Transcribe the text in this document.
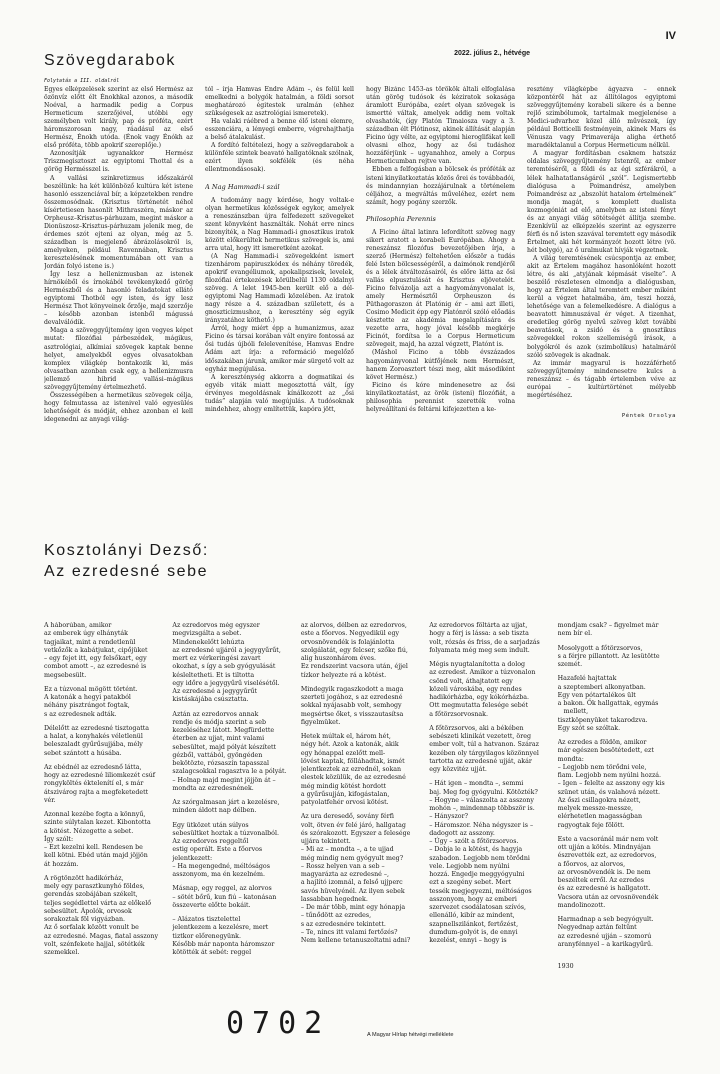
IV
2022. július 2., hétvége
Szövegdarabok
Folytatás a III. oldalról

Egyes elképzelések szerint az első Hermész az özönvíz előtt élt Énokhkal azonos, a második Noéval, a harmadik pedig a Corpus Hermeticum szerzőjével, utóbbi egy személyben volt király, pap és próféta, ezért háromszorosan nagy, ráadásul az első Hermész, Énokh utóda. (Énok vagy Énókh az első próféta, több apokrif szereplője.)

Azonosítják ugyanakkor Hermész Triszmegisztoszt az egyiptomi Thottal és a görög Hermésszel is.

A vallási szinkretizmus időszakáról beszélünk: ha két különböző kultúra két istene hasonló esszenciával bír, a képzetekben rendre összemosódnak. (Krisztus történetét néhol kísértetiesen hasonlít Mithraszéra, máskor az Orpheusz–Krisztus-párhuzam, megint máskor a Dionüszosz–Krisztus-párhuzam jelenik meg, de érdemes szót ejteni az olyan, még az 5. században is megjelenő ábrázolásokról is, amelyeken, például Ravennában, Krisztus keresztelésének momentumában ott van a Jordán folyó istene is.)

Így lesz a hellenizmusban az istenek hírnökéből és írnokából tevékenykedő görög Hermészből és a hasonló feladatokat ellátó egyiptomi Thotból egy isten, és így lesz Hermész Thot könyveinek őrzője, majd szerzője – később azonban istenből mágussá devalválódik.

Maga a szöveggyűjtemény igen vegyes képet mutat: filozófiai párbeszédek, mágikus, asztrológiai, alkímiai szövegek kaptak benne helyet, amelyekből egyes olvasatokban komplex világkép bontakozik ki, más olvasatban azonban csak egy, a hellenizmusra jellemző hibrid vallási–mágikus szöveggyűjtemény értelmezhető.

Összességében a hermetikus szövegek célja, hogy felmutassa az istenivel való egyesülés lehetőségét és módját, ehhez azonban el kell idegenedni az anyagi világ-

tól – írja Hamvas Endre Ádám –, és felül kell emelkedni a bolygók hatalmán, a földi sorsot meghatározó égitestek uralmán (ehhez szükségesek az asztrológiai ismeretek).

Ha valaki ráébred a benne élő isteni elemre, esszenciára, a lényegi emberre, végrehajthatja a belső átalakulást.

A fordító feltételezi, hogy a szövegdarabok a különféle szintek beavató hallgatóknak szólnak, ezért ilyen sokfélék (és néha ellentmondásosak).

A Nag Hammadi-i szál

A tudomány nagy kérdése, hogy voltak-e olyan hermetikus közösségek egykor, amelyek a reneszánszban újra felfedezett szövegeket szent könyvként használták. Nohát erre nincs bizonyíték, a Nag Hammadi-i gnosztikus iratok között előkerültek hermetikus szövegek is, ami arra utal, hogy itt ismeretként azokat.

(A Nag Hammadi-i szövegekként ismert tizenhárom papiruszkódex és néhány töredék, apokrif evangéliumok, apokalipszisek, levelek, filozófiai értekezések körülbelül 1130 oldalnyi szöveg. A lelet 1945-ben került elő a dél-egyiptomi Nag Hammadi közelében. Az iratok nagy része a 4. században született, és a gnoszticizmushoz, a keresztény ség egyik irányzatához köthető.)

Árról, hogy miért épp a humanizmus, azaz Ficino és társai korában vált enyire fontossá az ősi tudás újbóli felelevenítése, Hamvas Endre Ádám azt írja: a reformáció megelőző időszakában járunk, amikor már sürgető volt az egyház megújulása.

A kereszténység akkorra a dogmatikai és egyéb viták miatt megosztottá vált, így érvényes megoldásnak kínálkozott az „ősi tudás” alapján való megújulás. A tudósoknak mindehhez, ahogy említettük, kapóra jött,

hogy Bizánc 1453-as törökök általi elfoglalása után görög tudósok és kéziratok sokasága áramlott Európába, ezért olyan szövegek is ismertté váltak, amelyek addig nem voltak olvashatók, (így Platón Timaiosza vagy a 3. században élt Plótinosz, akinek állítását alapján Ficino úgy vélte, az egyiptomi hieroglifákat kell olvasni elhoz, hogy az ősi tudáshoz hozzáférjünk – ugyanahhoz, amely a Corpus Hermeticumban rejtve van.

Ebben a felfogásban a bölcsek és próféták az isteni kinyilatkoztatás közös őrei és továbbadói, és mindannyian hozzájárulnak a történelem céljához, a megváltás műveléhez, ezért nem számít, hogy pogány szerzők.

Philosophia Perennis

A Ficino által latinra lefordított szöveg nagy sikert aratott a korabeli Európában. Ahogy a reneszánsz filozófus bevezetőjében írja, a szerző (Hermész) feltehetően először a tudás felé Isten bölcsességéről, a daimónok rendjéről és a lélek átváltozásairól, és előre látta az ősi vallás elpusztulását és Krisztus eljövetelét. Ficino felvázolja azt a hagyományvonalat is, amely Hermésztől Orpheuszon és Püthagoraszon át Platónig ér – ami azt illeti, Cosimo Medicit épp egy Platónról szóló előadás késztette az akadémia megalapítására és vezette arra, hogy jóval később megkérje Ficinót, fordítsa le a Corpus Hermeticum szövegeit, majd, ha azzal végzett, Platónt is.

(Máshol Ficino a több évszázados hagyományvonal kútfőjének nem Hermészt, hanem Zoroasztert tészi meg, akit másodiként követ Hermész.)

Ficino és kóre mindenesetre az ősi kinyilatkoztatást, az örök (isteni) filozófiát, a philosophia perennist szerették volna helyreállítani és feltárni kifejezetten a ke-

resztény világképbe ágyazva – ennek központéről hát az állítólagos egyiptomi szöveggyűjtemény korabeli sikere és a benne rejlő szimbólumok, tartalmak megjelenése a Medici-udvarhoz közel álló művészek, így például Botticelli festményein, akinek Mars és Vénusza vagy Primaverája alighа érthető maradéktalanul a Corpus Hermeticum nélkül.

A magyar fordításban csaknem hatszáz oldalas szöveggyűjtemény Istenről, az ember teremtéséről, a földi és az égi szférákról, a lélek halhatatlanságáról „szól”. Legismertebb dialógusa a Poimandrész, amelyben Poimandrész az „abszolút hatalom értelmének” mondja magát, s komplett dualista kozmogóniát ad elő, amelyben az isteni fényt és az anyagi világ sötétségét állítja szembe. Ezenkívül az elképzelés szerint az egyszerre férfi és nő isten szavával teremtett egy második Értelmet, aki hét kormányzót hozott létre (vö. hét bolygó), az ő uralmukat hívják végzetnek.

A világ teremtésének csúcspontja az ember, akit az Értelem magához hasonlóként hozott létre, és aki „atyjának képmását viselte”. A beszélő részletesen elmondja a dialógusban, hogy az Értelem által teremtett ember miként kerül a végzet hatalmába, ám, teszi hozzá, lehetősége van a felemelkedésre. A dialógus a beavatott himnuszával ér véget. A tizenhat, eredetileg görög nyelvű szöveg közt további beavatások, a zsidó és a gnosztikus szövegekkel rokon szellemiségű írások, a bolygókról és azok (szimbolikus) hatalmáról szóló szövegek is akadnak.

Az immár magyarul is hozzáférhető szöveggyűjtemény mindenesetre kulcs a reneszánsz – és tágabb értelemben véve az európai – kultúrtörténet mélyebb megértéséhez.

Péntek Orsolya
Kosztolányi Dezső:
Az ezredesné sebe

A háborúban, amikor

az emberek úgy elhányták

tagjaikat, mint a rendetlenül

vetkőzők a kabátjukat, cipőjüket

– egy fejet itt, egy felsőkart, egy

combot amott –, az ezredesné is

megsebesült.

Ez a túzvonal mögött történt.

A katonák a hegyi patakból

néhány pisztrángot fogtak,

s az ezredesnek adták.

Délelőtt az ezredesné tisztogatta

a halat, a konyhakés véletlenül

beleszaladt gyűrűsujjába, mély

sebet szántott a húsába.

Az ebédnél az ezredesnő látta,

hogy az ezredesné liliomkezét csúf

rongyköltés éktelenítí el, s már

átszivárog rajta a megfeketedett

vér.

Azonnal kezébe fogta a könnyű,

szinte súlytalan kezet. Kibontotta

a kötést. Nézegette a sebet.

Így szólt:

– Ezt kezelni kell. Rendesen be

kell kötni. Ebéd után majd jöjjön

át hozzám.

A rögtönzött hadikórház,

mely egy parasztkunyhó földes,

gerendás szobájában székelt,

teljes segédlettel várta az előkelő

sebesültet. Ápolók, orvosok

sorakoztak föl vigyázban.

Az ő sorfalak között vonult be

az ezredesné. Magas, fiatal asszony

volt, szénfekete hajjal, sötétkék

szemekkel.

Az ezredorvos még egyszer

megvizsgálta a sebet.

Mindenekelőtt lehúzta

az ezredesné ujjáról a jegygyűrűt,

mert ez vérkeringési zavart

okozhat, s így a seb gyógyulását

késleltetheti. Et is tiltotta

egy időre a jegygyűrű viselésétől.

Az ezredesné a jegygyűrűt

kistáskájába csúsztatta.

Aztán az ezredorvos annak

rendje és módja szerint a seb

kezeléséhez látott. Megfürdette

éterben az ujjat, mint valami

sebesültet, majd pólyát készített

gézből, vattából, gyöngéden

bekötözte, rózsaszín tapasszal

szalagcsokkal ragasztva le a pólyát.

– Holnap majd megint jöjjön át –

mondta az ezredesnének.

Az szórgalmasan járt a kezelésre,

minden áldott nap délben.

Egy ütközet után súlyos

sebesültket hoztak a túzvonalból.

Az ezredorvos reggeltől

estig operált. Este a főorvos

jelentkezett:

– Ha megengedné, méltóságos

asszonyom, ma én kezelném.

Másnap, egy reggel, az alorvos

– sötét bőrű, kun fiú – katonásan

összeverte előtte bokáit.

– Alázatos tisztelettel

jelentkezem a kezelésre, mert

tiztkor előrenegyünk.

Később már naponta háromszor

kötötték át sebét: reggel

az alorvos, délben az ezredorvos,

este a főorvos. Negyedikül egy

orvosnövendék is folajánlotta

szolgálatát, egy felcser, szőke fiú,

alig huszonhárom éves.

Ez rendszerint vacsora után, éjjel

tízkor helyezte rá a kötést.

Mindegyik ragaszkodott a maga

szerteti jogához, s az ezredesné

sokkal nyájasabb volt, semhogy

megsértse őket, s visszautasítsa

figyelmüket.

Hetek múltak el, három hét,

négy hét. Azok a katonák, akik

egy hónappal ezelőtt mell-

lövést kaptak, fölláhadtak, ismét

jelentkeztek az ezrednél, sokan

elestek közülük, de az ezredesné

még mindig kötést hordott

a gyűrűsujján, kifogástalan,

patyolatfehér orvosi kötést.

Az ura deresedő, sovány férfi

volt, ötven év felé járó, hallgatag

és szórakozott. Egyszer a felesége

ujjára tekintett.

– Mi az – mondta –, a te ujjad

még mindig nem gyógyult meg?

– Rossz helyen van a seb –

magyarázta az ezredesné –,

a hajlító izomnál, a felső ujjperc

savós hüvelyénél. Az ilyen sebek

lassabban hegednek.

– De már több, mint egy hónapja

– tűnődött az ezredes,

s az ezredesnére tekintett.

– Te, nincs itt valami fertőzés?

Nem kellene tetanuszoltatni adni?

Az ezredorvos föltárta az ujjat,

hogy a férj is lássa: a seb tiszta

volt, rózsás és friss, de a sarjadzás

folyamata még meg sem indult.

Mégis nyugtalanította a dolog

az ezredest. Amikor a túzvonalon

csönd volt, áthajtatott egy

közeli városkába, egy rendes

hadikórházba, egy kókórházba.

Ott megmutatta feleségе sebét

a főtörzsorvosnak.

A főtörzsorvos, aki a békében

sebészeti klinikát vezetett, öreg

ember volt, túl a hatvanon. Száraz

kezében oly tárgyilagos közönnyel

tartotta az ezredesné ujját, akár

egy közvitéz ujját.

– Hát igen – mondta –, semmi

baj. Meg fog gyógyulni. Kötözték?

– Hogyne – válaszolta az asszony

mohón –, mindennap többször is.

– Hányszor?

– Háromszor. Néha négyszer is –

dadogott az asszony.

– Úgy – szólt a főtörzsorvos.

– Dobja le a kötést, és hagyja

szabadon. Legjobb nem törődni

vele. Legjobb nem nyúlni

hozzá. Engedje meggyógyulni

ezt a szegény sebet. Mert

tessék megjegyezni, méltóságos

asszonyom, hogy az emberi

szervezet csodálatosan szívós,

ellenálló, kibír az mindent,

szapnellszilánkot, fertőzést,

dumdum-golyót is, de ennyi

kezelést, ennyi – hogy is

mondjam csak? – figyelmet már

nem bír el.

Mosolygott a főtörzsorvos,

s a férjre pillantott. Az lesütötte

szemét.

Hazafelé hajtattak

a szeptemberi alkonyatban.

Egy ven pótartalékos ült

a bakon. Ők hallgattak, egymás mellett,

tisztköpenyüket takarodzva.

Egy szót se szóltak.

Az ezredes a földön, amikor

már egészen besötétedett, ezt

mondta:

– Legjobb nem törődni vele,

fiam. Legjobb nem nyúlni hozzá.

– Igen – felelte az asszony egy kis

szünet után, és valahová nézett.

Az őszi csillagokra nézett,

melyek messze-messze,

elérhetetlen magasságban

ragyogtak fejе fölött.

Este a vacsoránál már nem volt

ott ujján a kötés. Mindnyájan

észrevették ezt, az ezredorvos,

a főorvos, az alorvos,

az orvosnövendék is. De nem

beszéltek erről. Az ezredes

és az ezredesné is hallgatott.

Vacsora után az orvosnövendék

mandolinozott.

Harmadnap a seb begyógyult.

Negyednap aztán feltűnt

az ezredesné ujján – szomorú

aranyfénnyel – a karikagyűrű.

1930

0702	A Magyar Hírlap hétvégi melléklete
